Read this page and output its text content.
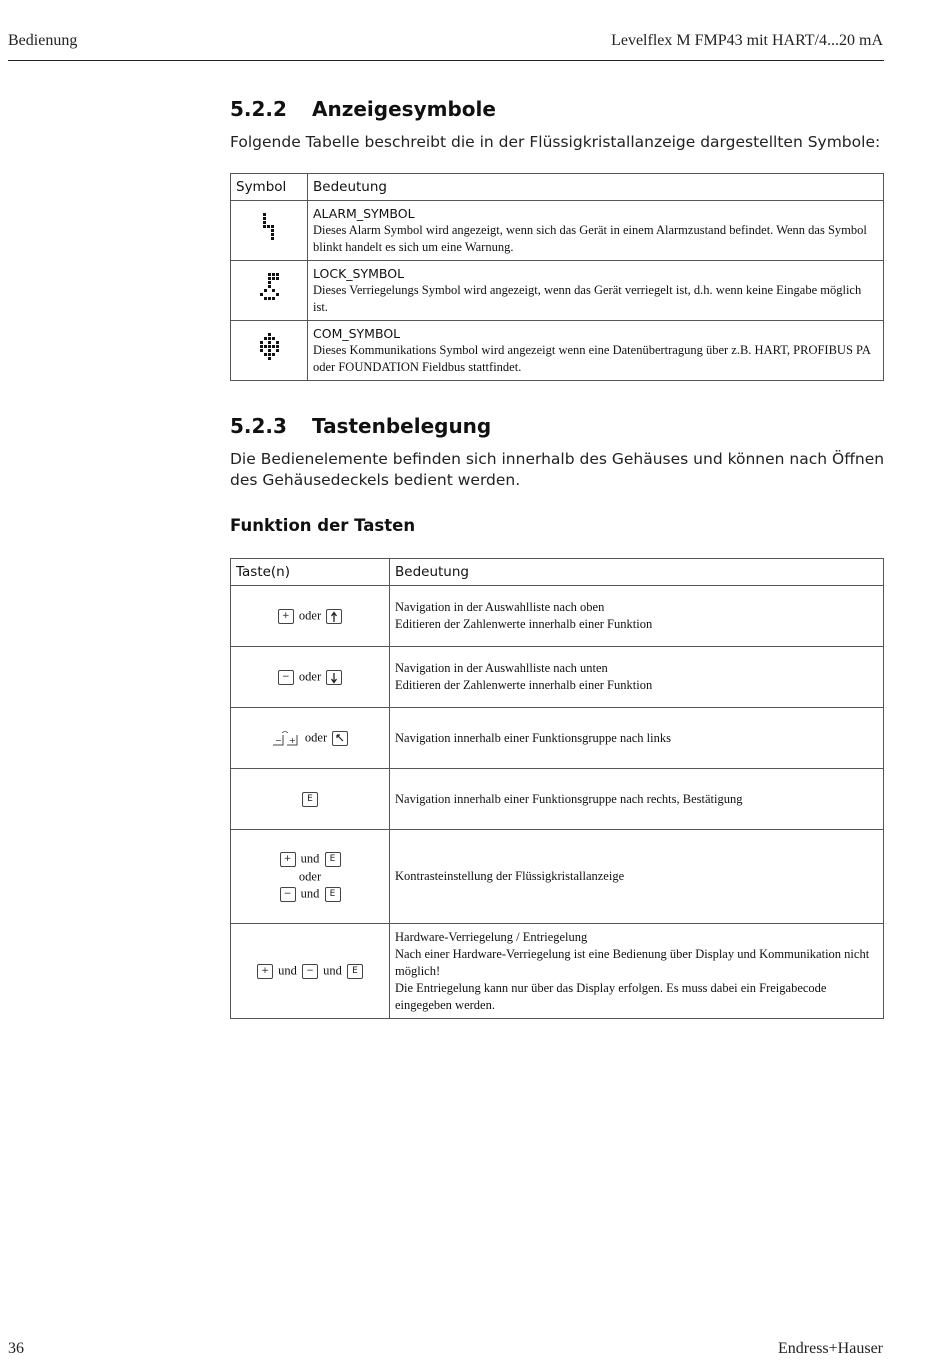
Bedienung	Levelflex M FMP43 mit HART/4...20 mA
5.2.2 Anzeigesymbole
Folgende Tabelle beschreibt die in der Flüssigkristallanzeige dargestellten Symbole:
Symbol	Bedeutung

ALARM_SYMBOL
Dieses Alarm Symbol wird angezeigt, wenn sich das Gerät in einem Alarmzustand befindet. Wenn das Symbol blinkt handelt es sich um eine Warnung.

LOCK_SYMBOL
Dieses Verriegelungs Symbol wird angezeigt, wenn das Gerät verriegelt ist, d.h. wenn keine Eingabe möglich ist.

COM_SYMBOL
Dieses Kommunikations Symbol wird angezeigt wenn eine Datenübertragung über z.B. HART, PROFIBUS PA oder FOUNDATION Fieldbus stattfindet.
5.2.3 Tastenbelegung
Die Bedienelemente befinden sich innerhalb des Gehäuses und können nach Öffnen des Gehäusedeckels bedient werden.
Funktion der Tasten
Taste(n)	Bedeutung
+ oder	Navigation in der Auswahlliste nach oben
Editieren der Zahlenwerte innerhalb einer Funktion

− oder	Navigation in der Auswahlliste nach unten
Editieren der Zahlenwerte innerhalb einer Funktion

− + oder	Navigation innerhalb einer Funktionsgruppe nach links

E	Navigation innerhalb einer Funktionsgruppe nach rechts, Bestätigung

+ und E
oder
− und E	Kontrasteinstellung der Flüssigkristallanzeige

+ und − und E	Hardware-Verriegelung / Entriegelung
Nach einer Hardware-Verriegelung ist eine Bedienung über Display und Kommunikation nicht möglich!
Die Entriegelung kann nur über das Display erfolgen. Es muss dabei ein Freigabecode eingegeben werden.
36	Endress+Hauser
